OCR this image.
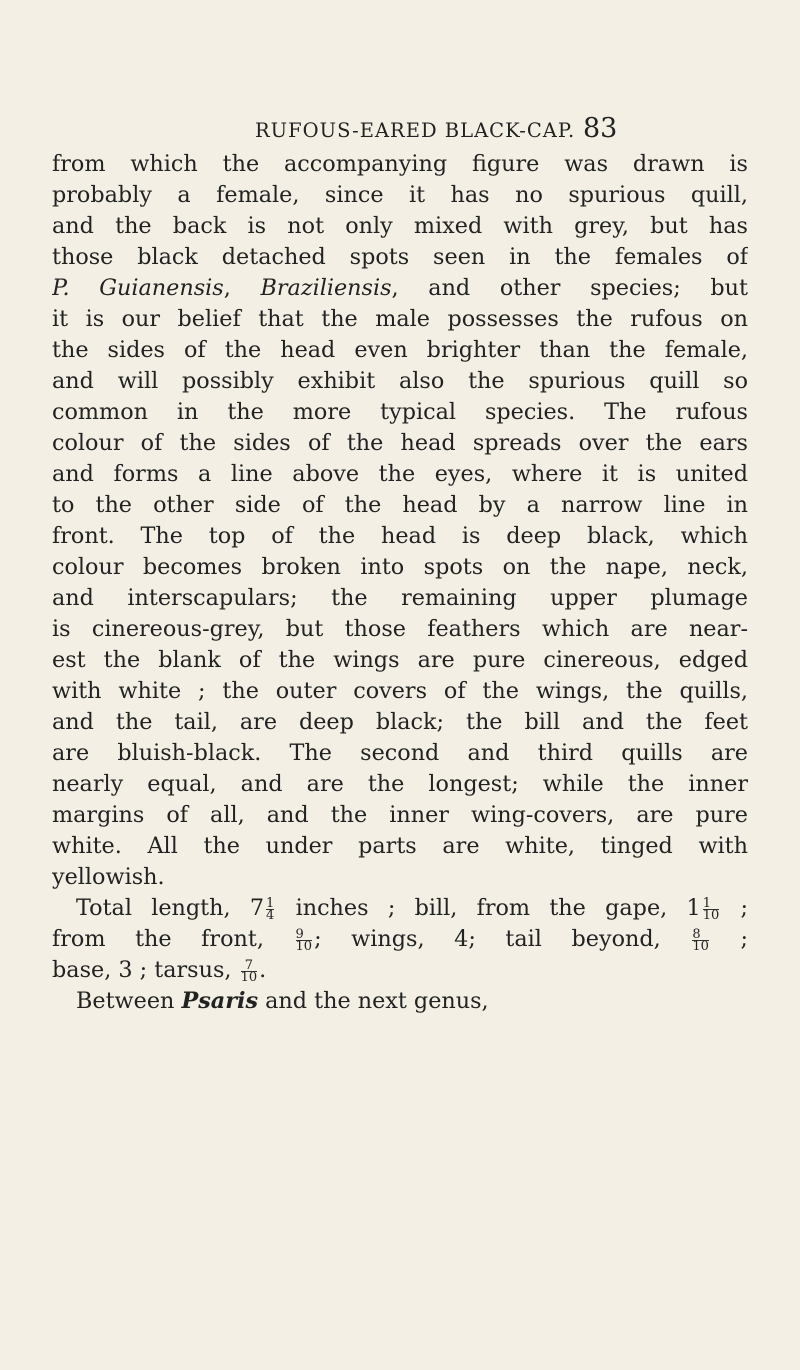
RUFOUS-EARED BLACK-CAP. 83
from which the accompanying figure was drawn is
probably a female, since it has no spurious quill,
and the back is not only mixed with grey, but has
those black detached spots seen in the females of
P. Guianensis, Braziliensis, and other species; but
it is our belief that the male possesses the rufous on
the sides of the head even brighter than the female,
and will possibly exhibit also the spurious quill so
common in the more typical species. The rufous
colour of the sides of the head spreads over the ears
and forms a line above the eyes, where it is united
to the other side of the head by a narrow line in
front. The top of the head is deep black, which
colour becomes broken into spots on the nape, neck,
and interscapulars; the remaining upper plumage
is cinereous-grey, but those feathers which are near-
est the blank of the wings are pure cinereous, edged
with white ; the outer covers of the wings, the quills,
and the tail, are deep black; the bill and the feet
are bluish-black. The second and third quills are
nearly equal, and are the longest; while the inner
margins of all, and the inner wing-covers, are pure
white. All the under parts are white, tinged with
yellowish.
Total length, $7 \frac{1}{4}$ inches ; bill, from the gape, $1 \frac{1}{10}$ ;
from the front, $\frac{9}{10}$ ; wings, 4; tail beyond, $\frac{8}{10}$ ;
base, 3 ; tarsus, $\frac{7}{10}$ .
Between Psaris and the next genus,
